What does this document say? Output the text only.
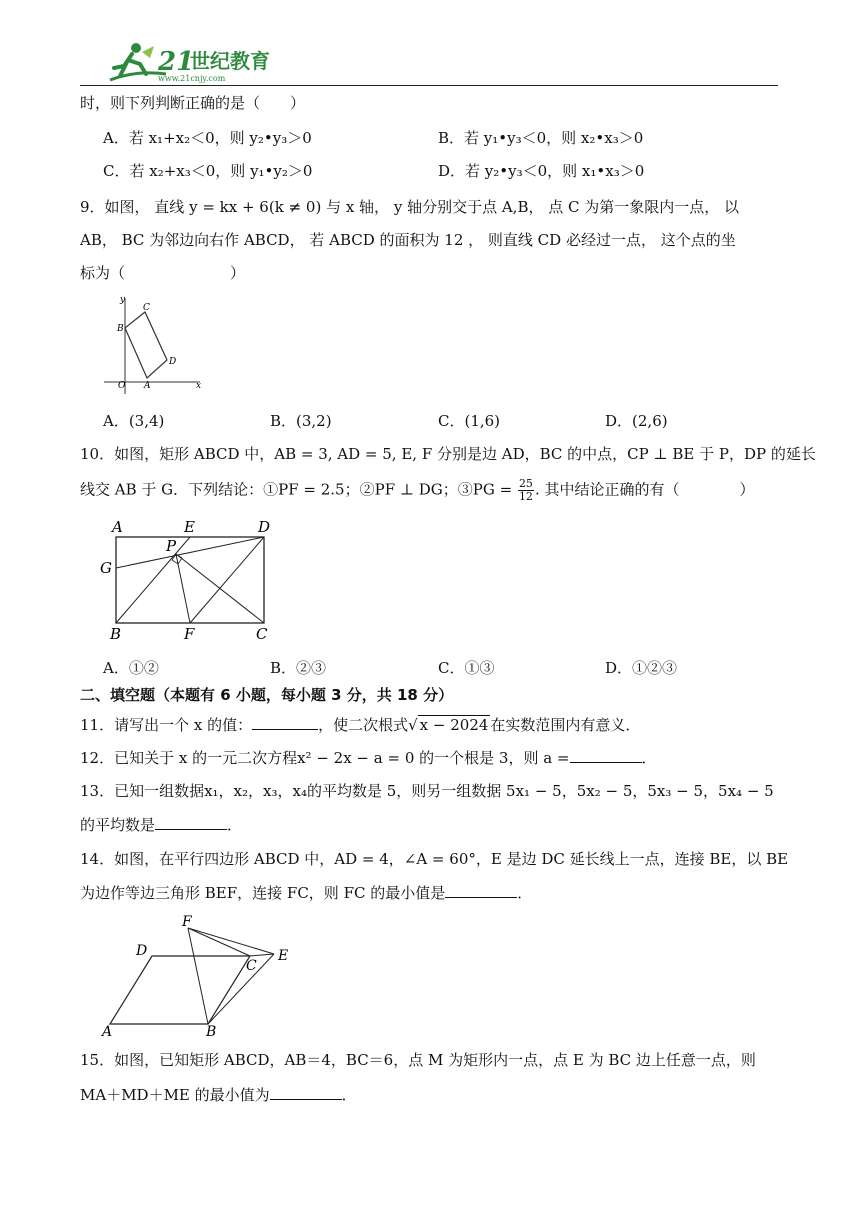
21
世纪教育
www.21cnjy.com
时，则下列判断正确的是（　　）
A．若 x₁+x₂＜0，则 y₂•y₃＞0	B．若 y₁•y₃＜0，则 x₂•x₃＞0
C．若 x₂+x₃＜0，则 y₁•y₂＞0	D．若 y₂•y₃＜0，则 x₁•x₃＞0
9．如图， 直线 y = kx + 6(k ≠ 0) 与 x 轴， y 轴分别交于点 A,B， 点 C 为第一象限内一点， 以
AB， BC 为邻边向右作 ABCD， 若 ABCD 的面积为 12 ， 则直线 CD 必经过一点， 这个点的坐
标为（　　　　　　　）
y
C
B
D
O A	x
A．(3,4)	B．(3,2)	C．(1,6)	D．(2,6)
10．如图，矩形 ABCD 中，AB = 3, AD = 5, E, F 分别是边 AD，BC 的中点，CP ⊥ BE 于 P，DP 的延长
线交 AB 于 G．下列结论：①PF = 2.5；②PF ⊥ DG；③PG = $\frac{25}{12}$ . 其中结论正确的有（　　　　）
A	E	D
P
G
B	F	C
A．①②	B．②③	C．①③	D．①②③
二、填空题（本题有 6 小题，每小题 3 分，共 18 分）
11．请写出一个 x 的值：	，使二次根式√ x − 2024 在实数范围内有意义．
12．已知关于 x 的一元二次方程x² − 2x − a = 0 的一个根是 3，则 a =	．
13．已知一组数据x₁，x₂，x₃，x₄的平均数是 5，则另一组数据 5x₁ − 5，5x₂ − 5，5x₃ − 5，5x₄ − 5
的平均数是	．
14．如图，在平行四边形 ABCD 中，AD = 4，∠A = 60°，E 是边 DC 延长线上一点，连接 BE，以 BE
为边作等边三角形 BEF，连接 FC，则 FC 的最小值是	．
F
D
C
E
A	B
15．如图，已知矩形 ABCD，AB＝4，BC＝6，点 M 为矩形内一点，点 E 为 BC 边上任意一点，则
MA＋MD＋ME 的最小值为	．
